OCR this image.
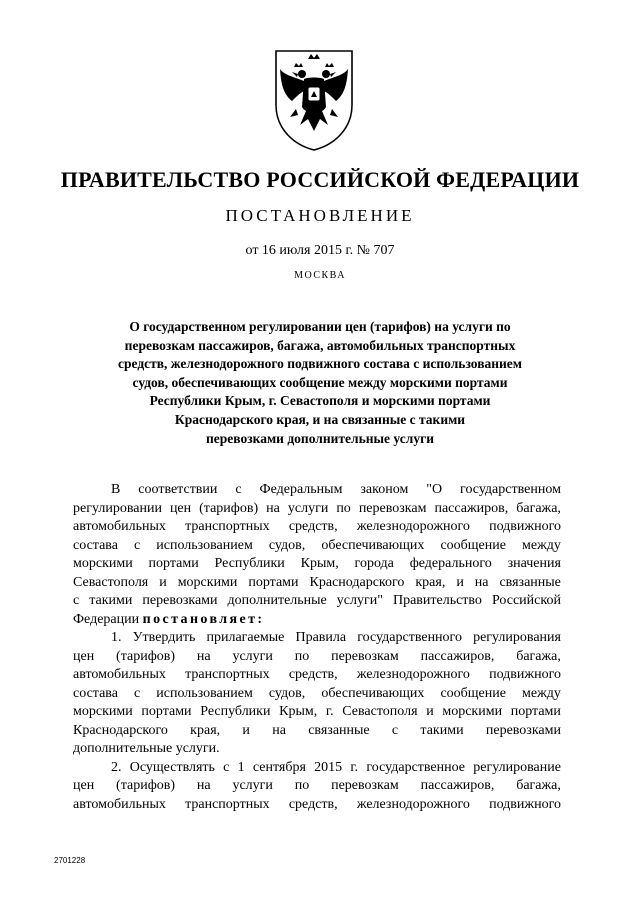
ПРАВИТЕЛЬСТВО РОССИЙСКОЙ ФЕДЕРАЦИИ
ПОСТАНОВЛЕНИЕ
от 16 июля 2015 г. № 707
МОСКВА
О государственном регулировании цен (тарифов) на услуги по
перевозкам пассажиров, багажа, автомобильных транспортных
средств, железнодорожного подвижного состава с использованием
судов, обеспечивающих сообщение между морскими портами
Республики Крым, г. Севастополя и морскими портами
Краснодарского края, и на связанные с такими
перевозками дополнительные услуги
В соответствии с Федеральным законом "О государственном
регулировании цен (тарифов) на услуги по перевозкам пассажиров, багажа,
автомобильных транспортных средств, железнодорожного подвижного
состава с использованием судов, обеспечивающих сообщение между
морскими портами Республики Крым, города федерального значения
Севастополя и морскими портами Краснодарского края, и на связанные
с такими перевозками дополнительные услуги" Правительство Российской
Федерации постановляет:
1. Утвердить прилагаемые Правила государственного регулирования
цен (тарифов) на услуги по перевозкам пассажиров, багажа,
автомобильных транспортных средств, железнодорожного подвижного
состава с использованием судов, обеспечивающих сообщение между
морскими портами Республики Крым, г. Севастополя и морскими портами
Краснодарского края, и на связанные с такими перевозками
дополнительные услуги.
2. Осуществлять с 1 сентября 2015 г. государственное регулирование
цен (тарифов) на услуги по перевозкам пассажиров, багажа,
автомобильных транспортных средств, железнодорожного подвижного
2701228
